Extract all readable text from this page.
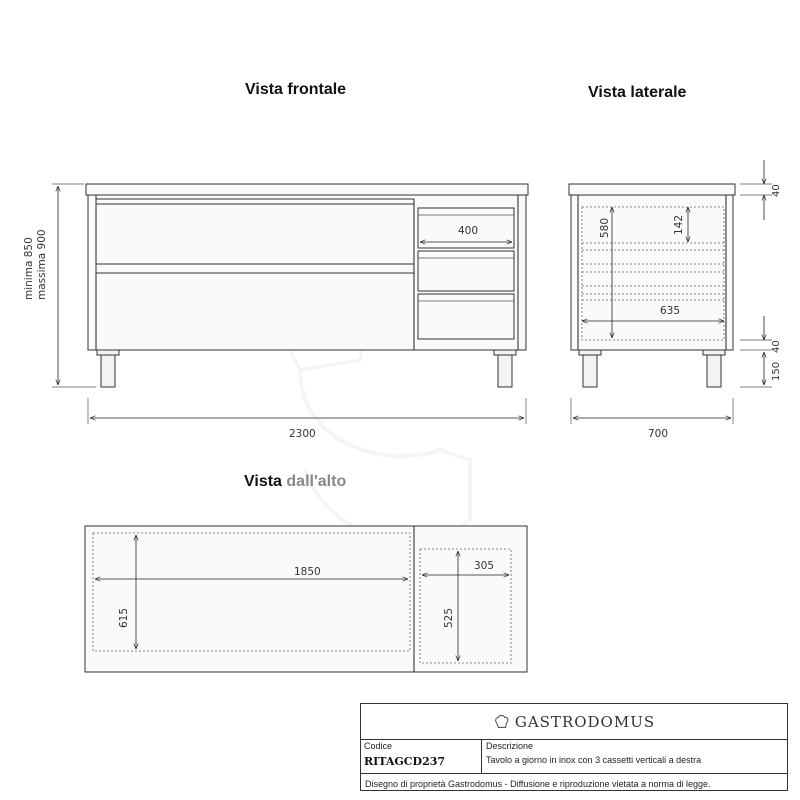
Vista frontale	Vista laterale
Vista dall'alto
400
minima 850 massima 900
2300
580	142
635
40
40
150
700
1850
615
305
525
GASTRODOMUS
Codice
RITAGCD237
Descrizione
Tavolo a giorno in inox con 3 cassetti verticali a destra
Disegno di proprietà Gastrodomus - Diffusione e riproduzione vietata a norma di legge.
